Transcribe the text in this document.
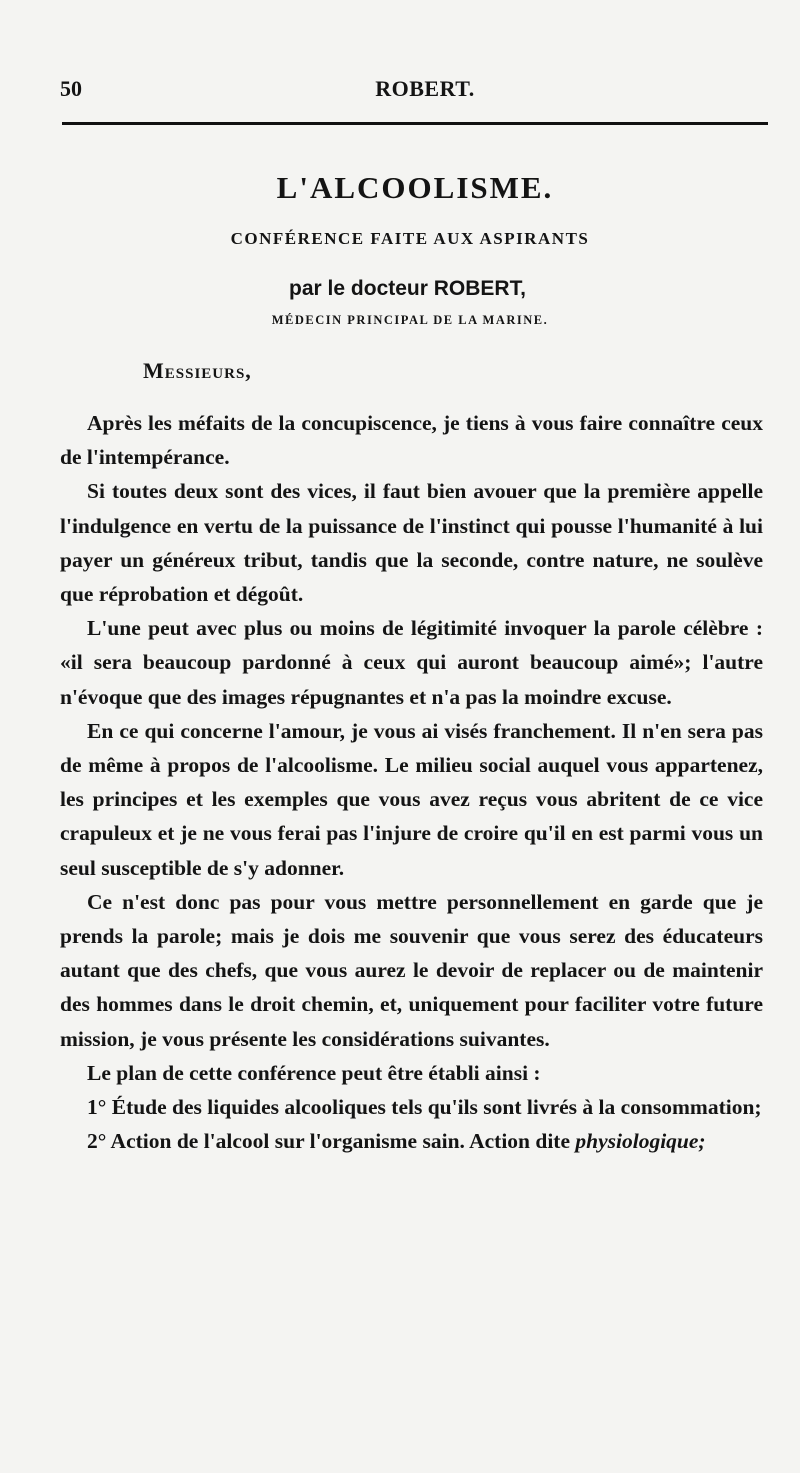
50	ROBERT.
L'ALCOOLISME.
CONFÉRENCE FAITE AUX ASPIRANTS
par le docteur ROBERT,
MÉDECIN PRINCIPAL DE LA MARINE.
Messieurs,

Après les méfaits de la concupiscence, je tiens à vous faire connaître ceux de l'intempérance.

Si toutes deux sont des vices, il faut bien avouer que la première appelle l'indulgence en vertu de la puissance de l'instinct qui pousse l'humanité à lui payer un généreux tribut, tandis que la seconde, contre nature, ne soulève que réprobation et dégoût.

L'une peut avec plus ou moins de légitimité invoquer la parole célèbre : «il sera beaucoup pardonné à ceux qui auront beaucoup aimé»; l'autre n'évoque que des images répugnantes et n'a pas la moindre excuse.

En ce qui concerne l'amour, je vous ai visés franchement. Il n'en sera pas de même à propos de l'alcoolisme. Le milieu social auquel vous appartenez, les principes et les exemples que vous avez reçus vous abritent de ce vice crapuleux et je ne vous ferai pas l'injure de croire qu'il en est parmi vous un seul susceptible de s'y adonner.

Ce n'est donc pas pour vous mettre personnellement en garde que je prends la parole; mais je dois me souvenir que vous serez des éducateurs autant que des chefs, que vous aurez le devoir de replacer ou de maintenir des hommes dans le droit chemin, et, uniquement pour faciliter votre future mission, je vous présente les considérations suivantes.

Le plan de cette conférence peut être établi ainsi :

1° Étude des liquides alcooliques tels qu'ils sont livrés à la consommation;

2° Action de l'alcool sur l'organisme sain. Action dite physiologique;
